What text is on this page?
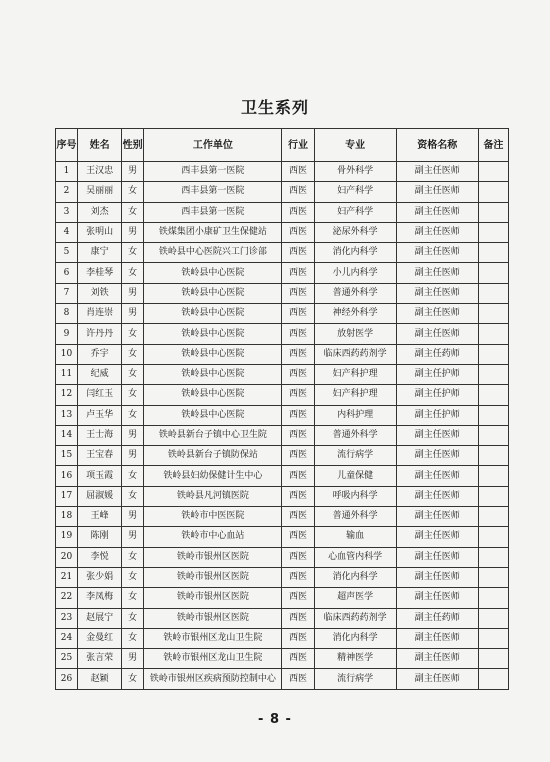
卫生系列
序号	姓名	性别	工作单位	行业	专业	资格名称	备注
1	王汉忠	男	西丰县第一医院	西医	骨外科学	副主任医师	
2	吴丽丽	女	西丰县第一医院	西医	妇产科学	副主任医师	
3	刘杰	女	西丰县第一医院	西医	妇产科学	副主任医师	
4	张明山	男	铁煤集团小康矿卫生保健站	西医	泌尿外科学	副主任医师	
5	康宁	女	铁岭县中心医院兴工门诊部	西医	消化内科学	副主任医师	
6	李桂琴	女	铁岭县中心医院	西医	小儿内科学	副主任医师	
7	刘铁	男	铁岭县中心医院	西医	普通外科学	副主任医师	
8	肖连崇	男	铁岭县中心医院	西医	神经外科学	副主任医师	
9	许丹丹	女	铁岭县中心医院	西医	放射医学	副主任医师	
10	乔宇	女	铁岭县中心医院	西医	临床西药药剂学	副主任药师	
11	纪威	女	铁岭县中心医院	西医	妇产科护理	副主任护师	
12	闫红玉	女	铁岭县中心医院	西医	妇产科护理	副主任护师	
13	卢玉华	女	铁岭县中心医院	西医	内科护理	副主任护师	
14	王士海	男	铁岭县新台子镇中心卫生院	西医	普通外科学	副主任医师	
15	王宝春	男	铁岭县新台子镇防保站	西医	流行病学	副主任医师	
16	项玉霞	女	铁岭县妇幼保健计生中心	西医	儿童保健	副主任医师	
17	屈淑媛	女	铁岭县凡河镇医院	西医	呼吸内科学	副主任医师	
18	王峰	男	铁岭市中医医院	西医	普通外科学	副主任医师	
19	陈刚	男	铁岭市中心血站	西医	输血	副主任医师	
20	李悦	女	铁岭市银州区医院	西医	心血管内科学	副主任医师	
21	张少娟	女	铁岭市银州区医院	西医	消化内科学	副主任医师	
22	李凤梅	女	铁岭市银州区医院	西医	超声医学	副主任医师	
23	赵展宁	女	铁岭市银州区医院	西医	临床西药药剂学	副主任药师	
24	金曼红	女	铁岭市银州区龙山卫生院	西医	消化内科学	副主任医师	
25	张言荣	男	铁岭市银州区龙山卫生院	西医	精神医学	副主任医师	
26	赵颖	女	铁岭市银州区疾病预防控制中心	西医	流行病学	副主任医师	
- 8 -
